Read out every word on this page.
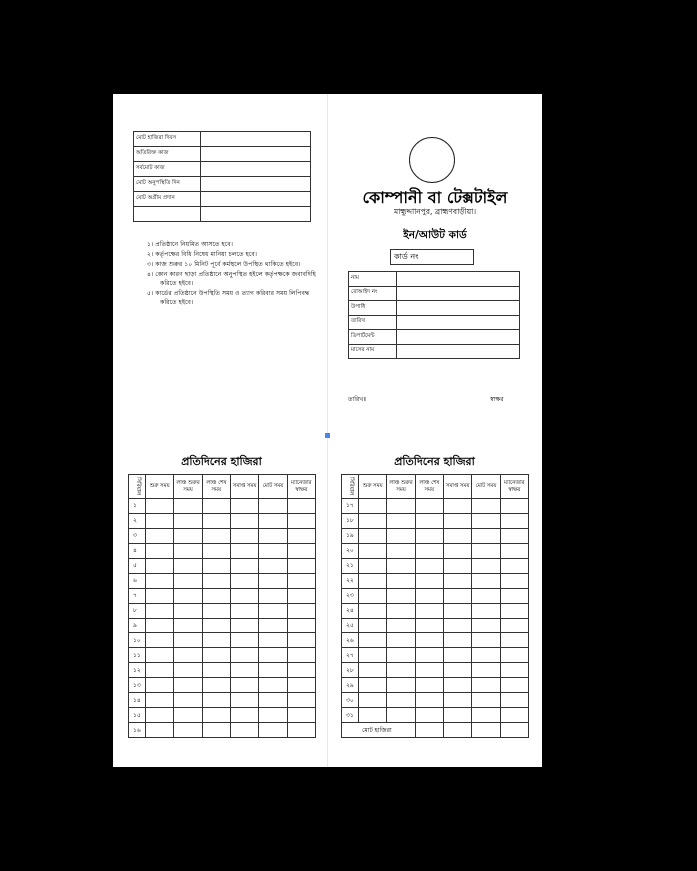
মোট হাজিরা দিবস	
অতিরিক্ত কাজ	
সর্বমোট কাজ	
মোট অনুপস্থিতি দিন	
মোট অগ্রীম প্রদান	

১। প্রতিষ্ঠানে নিয়মিত আসতে হবে।
২। কর্তৃপক্ষের বিধি নিষেধ মানিয়া চলতে হবে।
৩। কাজ শুরুর ১০ মিনিট পূর্বে কর্মস্থলে উপস্থিত থাকিতে হইবে।
৪। কোন কারণ ছাড়া প্রতিষ্ঠানে অনুপস্থিত হইলে কর্তৃপক্ষকে জবাবদিহি করিতে হইবে।
৫। কার্ডের প্রতিষ্ঠানে উপস্থিতি সময় ও ত্যাগ করিবার সময় লিপিবদ্ধ করিতে হইবে।
কোম্পানী বা টেক্সটাইল
মাহ্মুদ্দাানপুর, ব্রাহ্মণবাড়ীয়া।
ইন/আউট কার্ড
কার্ড নং
নাম	
রোআইদ নং	
উপাধি	
তারিখ	
ডিপার্টমেন্ট	
মাসের নাম	
তারিখঃ	স্বাক্ষর
প্রতিদিনের হাজিরা	প্রতিদিনের হাজিরা
সিরিয়াল	শুরু সময়	লাঞ্চ শুরুর সময়	লাঞ্চ শেষ সময়	সমাপ্ত সময়	মোট সময়	ম্যানেজার স্বাক্ষর
১						
২						
৩						
৪						
৫						
৬						
৭						
৮						
৯						
১০						
১১						
১২						
১৩						
১৪						
১৫						
১৬						
সিরিয়াল	শুরু সময়	লাঞ্চ শুরুর সময়	লাঞ্চ শেষ সময়	সমাপ্ত সময়	মোট সময়	ম্যানেজার স্বাক্ষর
১৭						
১৮						
১৯						
২০						
২১						
২২						
২৩						
২৪						
২৫						
২৬						
২৭						
২৮						
২৯						
৩০						
৩১						
মোট হাজিরা						
